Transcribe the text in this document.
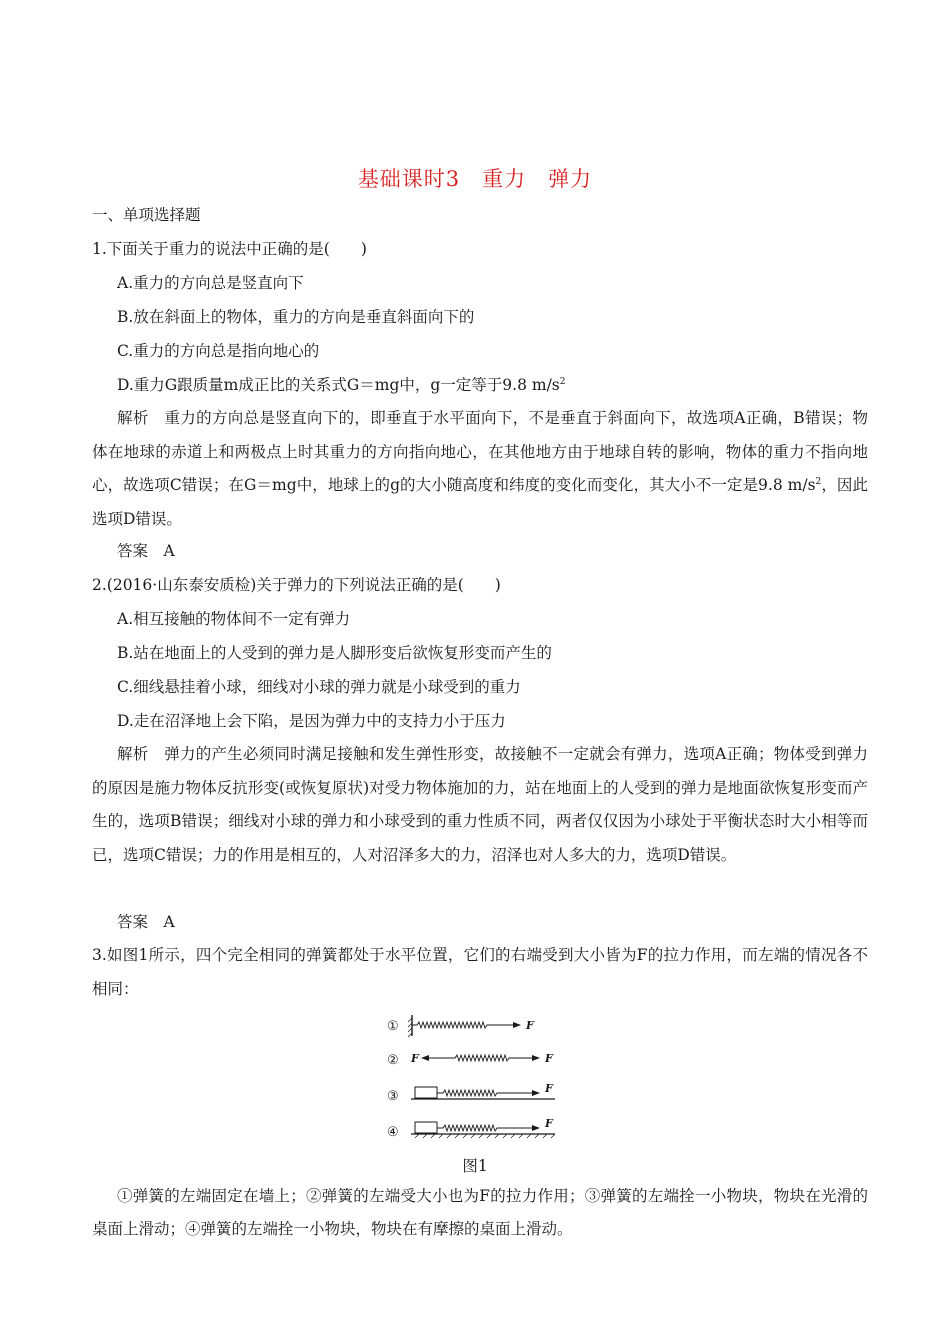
基础课时3　重力　弹力
一、单项选择题
1.下面关于重力的说法中正确的是(　　)
A.重力的方向总是竖直向下
B.放在斜面上的物体，重力的方向是垂直斜面向下的
C.重力的方向总是指向地心的
D.重力G跟质量m成正比的关系式G＝mg中，g一定等于9.8 $m/s^2$
解析　重力的方向总是竖直向下的，即垂直于水平面向下，不是垂直于斜面向下，故选项A正确，B错误；物体在地球的赤道上和两极点上时其重力的方向指向地心，在其他地方由于地球自转的影响，物体的重力不指向地心，故选项C错误；在G＝mg中，地球上的g的大小随高度和纬度的变化而变化，其大小不一定是9.8 $m/s^2$，因此选项D错误。
答案　A
2.(2016·山东泰安质检)关于弹力的下列说法正确的是(　　)
A.相互接触的物体间不一定有弹力
B.站在地面上的人受到的弹力是人脚形变后欲恢复形变而产生的
C.细线悬挂着小球，细线对小球的弹力就是小球受到的重力
D.走在沼泽地上会下陷，是因为弹力中的支持力小于压力
解析　弹力的产生必须同时满足接触和发生弹性形变，故接触不一定就会有弹力，选项A正确；物体受到弹力的原因是施力物体反抗形变(或恢复原状)对受力物体施加的力，站在地面上的人受到的弹力是地面欲恢复形变而产生的，选项B错误；细线对小球的弹力和小球受到的重力性质不同，两者仅仅因为小球处于平衡状态时大小相等而已，选项C错误；力的作用是相互的，人对沼泽多大的力，沼泽也对人多大的力，选项D错误。
答案　A
3.如图1所示，四个完全相同的弹簧都处于水平位置，它们的右端受到大小皆为F的拉力作用，而左端的情况各不相同：
①	F
② F	F
③
F
④
F
图1
①弹簧的左端固定在墙上；②弹簧的左端受大小也为F的拉力作用；③弹簧的左端拴一小物块，物块在光滑的桌面上滑动；④弹簧的左端拴一小物块，物块在有摩擦的桌面上滑动。
